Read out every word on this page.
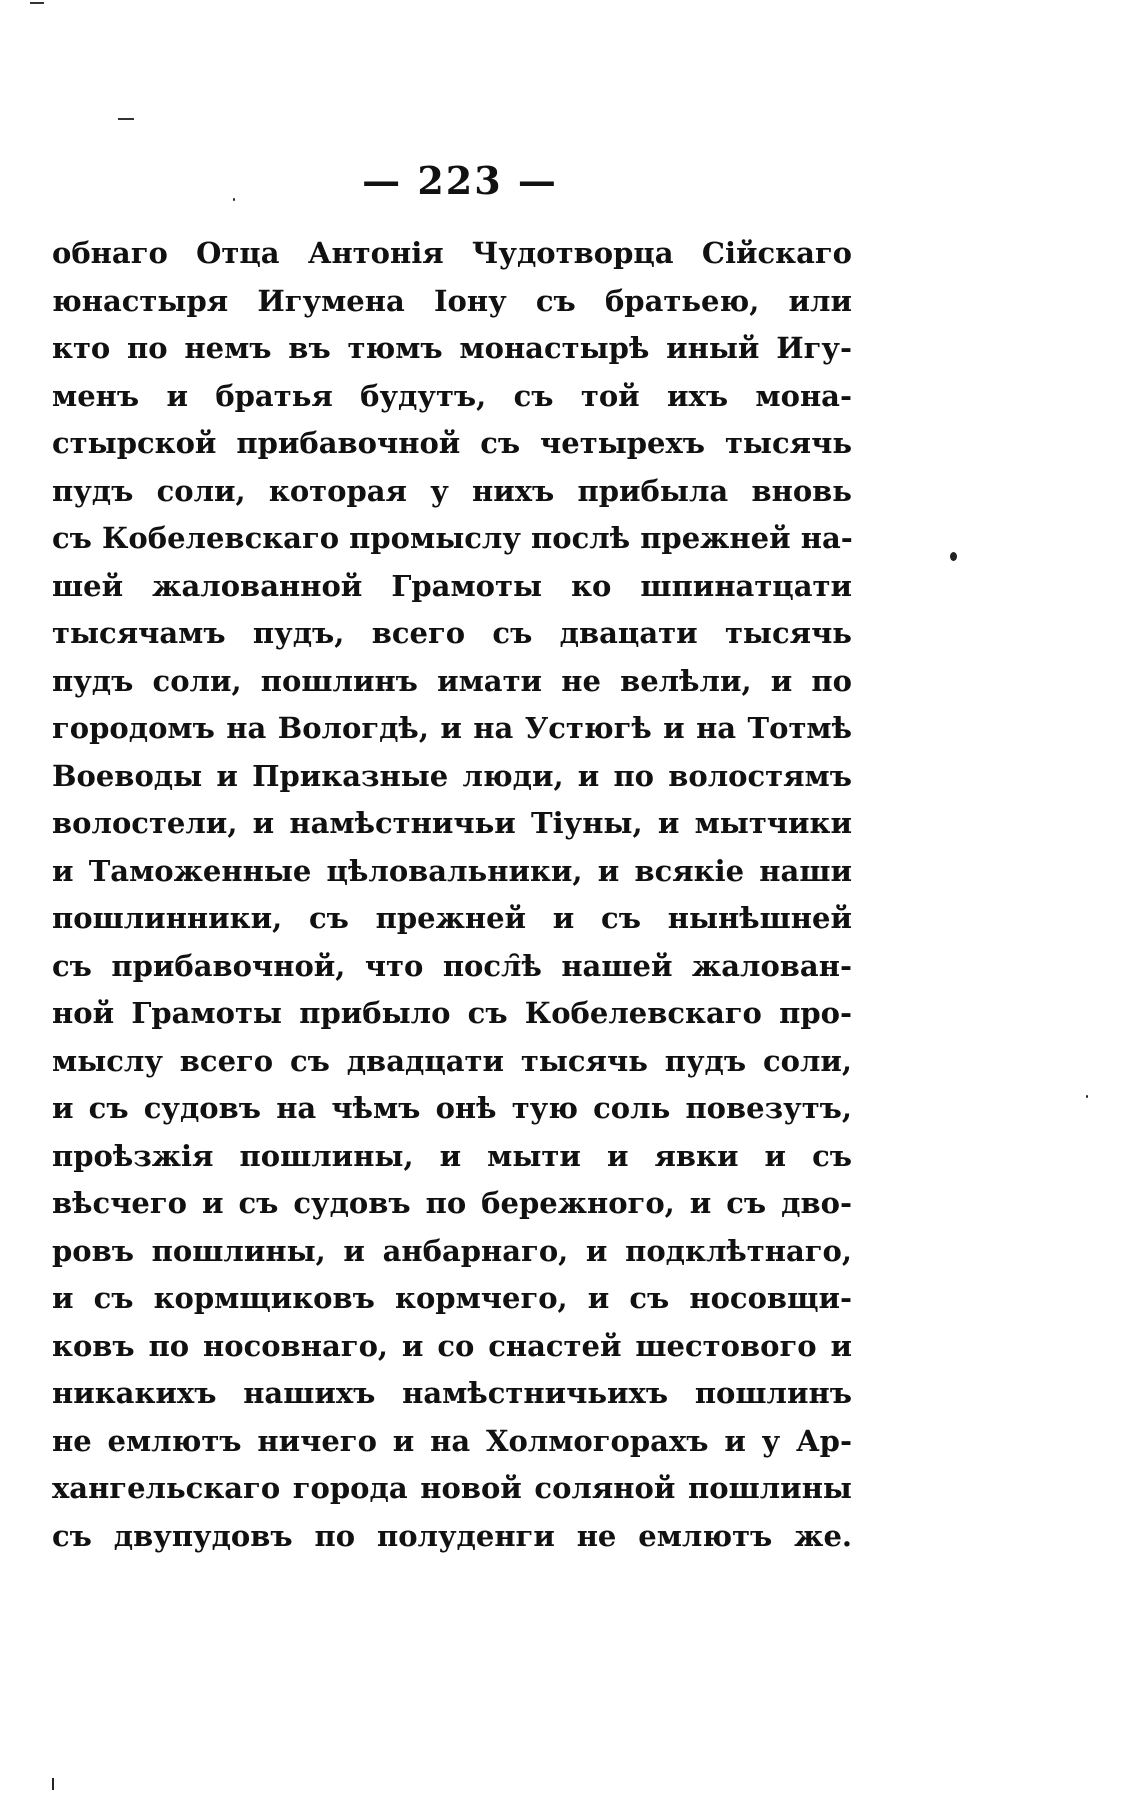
— 223 —
обнаго Отца Антонія Чудотворца Сійскаго
юнастыря Игумена Іону съ братьею, или
кто по немъ въ тюмъ монастырѣ иный Игу-
менъ и братья будутъ, съ той ихъ мона-
стырской прибавочной съ четырехъ тысячь
пудъ соли, которая у нихъ прибыла вновь
съ Кобелевскаго промыслу послѣ прежней на-
шей жалованной Грамоты ко шпинатцати
тысячамъ пудъ, всего съ двацати тысячь
пудъ соли, пошлинъ имати не велѣли, и по
городомъ на Вологдѣ, и на Устюгѣ и на Тотмѣ
Воеводы и Приказные люди, и по волостямъ
волостели, и намѣстничьи Тіуны, и мытчики
и Таможенные цѣловальники, и всякіе наши
пошлинники, съ прежней и съ нынѣшней
съ прибавочной, что посл̑ѣ нашей жалован-
ной Грамоты прибыло съ Кобелевскаго про-
мыслу всего съ двадцати тысячь пудъ соли,
и съ судовъ на чѣмъ онѣ тую соль повезутъ,
проѣзжія пошлины, и мыти и явки и съ
вѣсчего и съ судовъ по бережного, и съ дво-
ровъ пошлины, и анбарнаго, и подклѣтнаго,
и съ кормщиковъ кормчего, и съ носовщи-
ковъ по носовнаго, и со снастей шестового и
никакихъ нашихъ намѣстничьихъ пошлинъ
не емлютъ ничего и на Холмогорахъ и у Ар-
хангельскаго города новой соляной пошлины
съ двупудовъ по полуденги не емлютъ же.
